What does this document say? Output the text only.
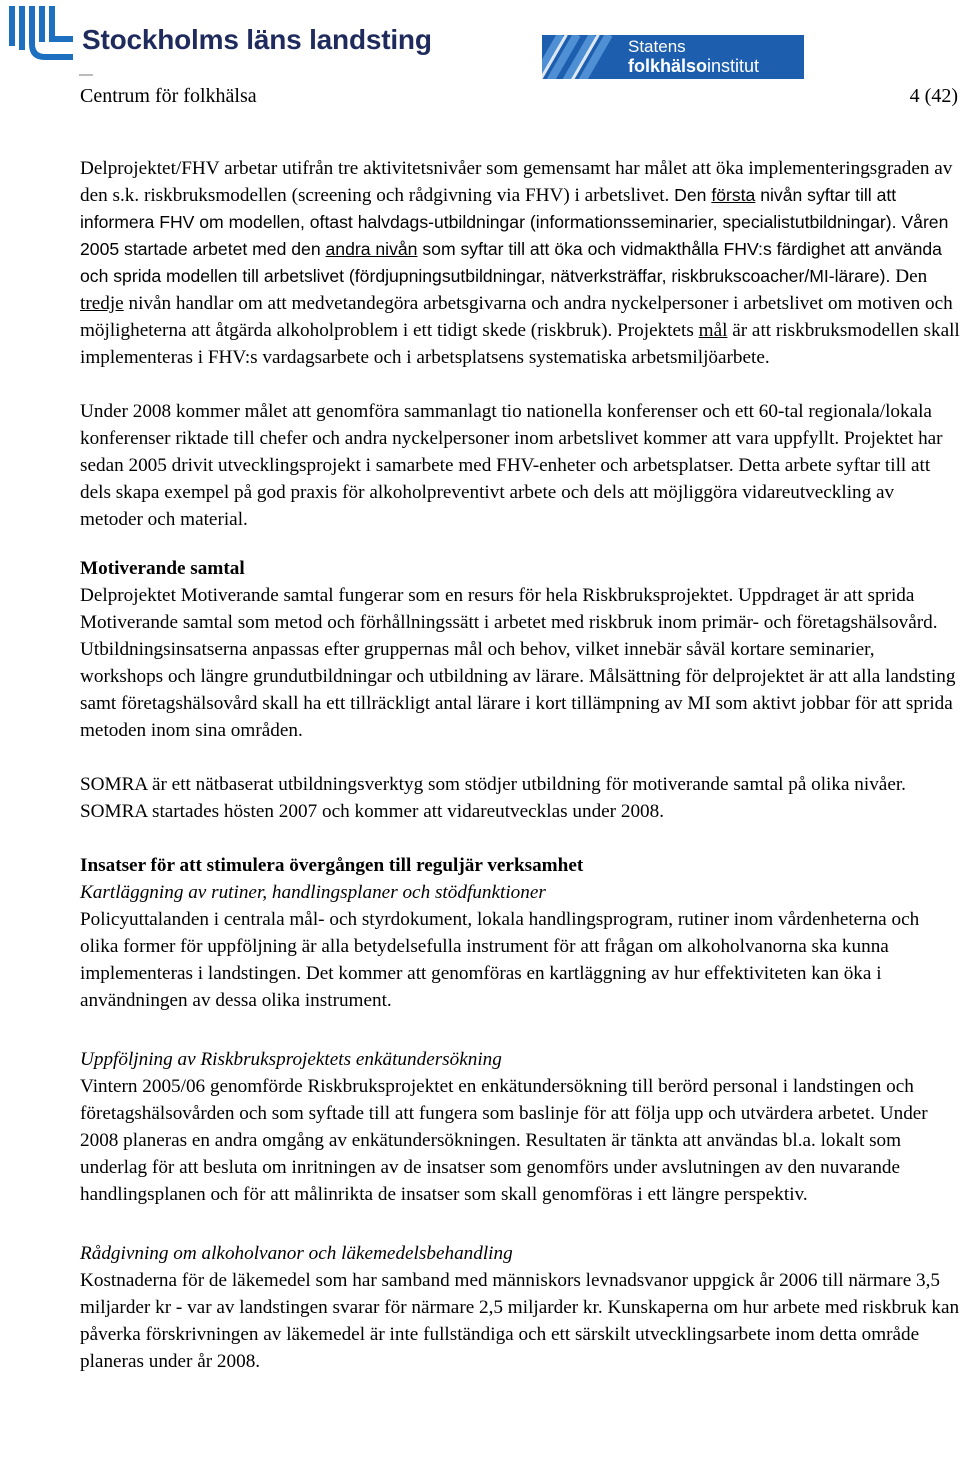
Stockholms läns landsting	Statens
folkhälsoinstitut
Centrum för folkhälsa	4 (42)

Delprojektet/FHV arbetar utifrån tre aktivitetsnivåer som gemensamt har målet att öka implementeringsgraden av den s.k. riskbruksmodellen (screening och rådgivning via FHV) i arbetslivet. Den första nivån syftar till att informera FHV om modellen, oftast halvdags-utbildningar (informationsseminarier, specialistutbildningar). Våren 2005 startade arbetet med den andra nivån som syftar till att öka och vidmakthålla FHV:s färdighet att använda och sprida modellen till arbetslivet (fördjupningsutbildningar, nätverksträffar, riskbrukscoacher/MI-lärare). Den tredje nivån handlar om att medvetandegöra arbetsgivarna och andra nyckelpersoner i arbetslivet om motiven och möjligheterna att åtgärda alkoholproblem i ett tidigt skede (riskbruk). Projektets mål är att riskbruksmodellen skall implementeras i FHV:s vardagsarbete och i arbetsplatsens systematiska arbetsmiljöarbete.

Under 2008 kommer målet att genomföra sammanlagt tio nationella konferenser och ett 60-tal regionala/lokala konferenser riktade till chefer och andra nyckelpersoner inom arbetslivet kommer att vara uppfyllt. Projektet har sedan 2005 drivit utvecklingsprojekt i samarbete med FHV-enheter och arbetsplatser. Detta arbete syftar till att dels skapa exempel på god praxis för alkoholpreventivt arbete och dels att möjliggöra vidareutveckling av metoder och material.

Motiverande samtal

Delprojektet Motiverande samtal fungerar som en resurs för hela Riskbruksprojektet. Uppdraget är att sprida Motiverande samtal som metod och förhållningssätt i arbetet med riskbruk inom primär- och företagshälsovård. Utbildningsinsatserna anpassas efter gruppernas mål och behov, vilket innebär såväl kortare seminarier, workshops och längre grundutbildningar och utbildning av lärare. Målsättning för delprojektet är att alla landsting samt företagshälsovård skall ha ett tillräckligt antal lärare i kort tillämpning av MI som aktivt jobbar för att sprida metoden inom sina områden.

SOMRA är ett nätbaserat utbildningsverktyg som stödjer utbildning för motiverande samtal på olika nivåer. SOMRA startades hösten 2007 och kommer att vidareutvecklas under 2008.

Insatser för att stimulera övergången till reguljär verksamhet

Kartläggning av rutiner, handlingsplaner och stödfunktioner

Policyuttalanden i centrala mål- och styrdokument, lokala handlingsprogram, rutiner inom vårdenheterna och olika former för uppföljning är alla betydelsefulla instrument för att frågan om alkoholvanorna ska kunna implementeras i landstingen. Det kommer att genomföras en kartläggning av hur effektiviteten kan öka i användningen av dessa olika instrument.

Uppföljning av Riskbruksprojektets enkätundersökning

Vintern 2005/06 genomförde Riskbruksprojektet en enkätundersökning till berörd personal i landstingen och företagshälsovården och som syftade till att fungera som baslinje för att följa upp och utvärdera arbetet. Under 2008 planeras en andra omgång av enkätundersökningen. Resultaten är tänkta att användas bl.a. lokalt som underlag för att besluta om inritningen av de insatser som genomförs under avslutningen av den nuvarande handlingsplanen och för att målinrikta de insatser som skall genomföras i ett längre perspektiv.

Rådgivning om alkoholvanor och läkemedelsbehandling

Kostnaderna för de läkemedel som har samband med människors levnadsvanor uppgick år 2006 till närmare 3,5 miljarder kr - var av landstingen svarar för närmare 2,5 miljarder kr. Kunskaperna om hur arbete med riskbruk kan påverka förskrivningen av läkemedel är inte fullständiga och ett särskilt utvecklingsarbete inom detta område planeras under år 2008.
